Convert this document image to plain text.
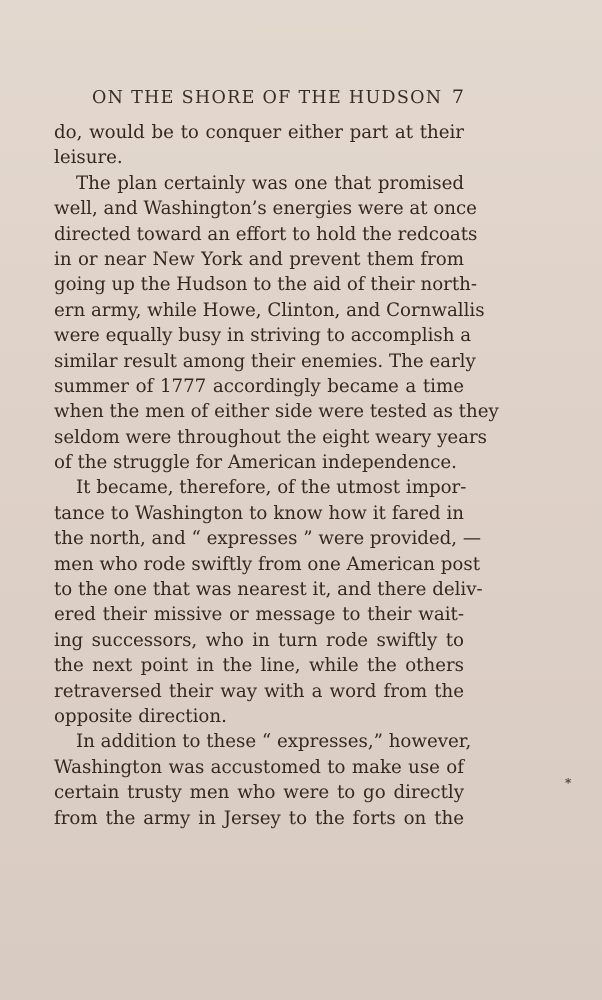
ON THE SHORE OF THE HUDSON 7
do, would be to conquer either part at their
leisure.
The plan certainly was one that promised
well, and Washington’s energies were at once
directed toward an effort to hold the redcoats
in or near New York and prevent them from
going up the Hudson to the aid of their north-
ern army, while Howe, Clinton, and Cornwallis
were equally busy in striving to accomplish a
similar result among their enemies. The early
summer of 1777 accordingly became a time
when the men of either side were tested as they
seldom were throughout the eight weary years
of the struggle for American independence.
It became, therefore, of the utmost impor-
tance to Washington to know how it fared in
the north, and “ expresses ” were provided, —
men who rode swiftly from one American post
to the one that was nearest it, and there deliv-
ered their missive or message to their wait-
ing successors, who in turn rode swiftly to
the next point in the line, while the others
retraversed their way with a word from the
opposite direction.
In addition to these “ expresses,” however,
Washington was accustomed to make use of
certain trusty men who were to go directly
from the army in Jersey to the forts on the
*
